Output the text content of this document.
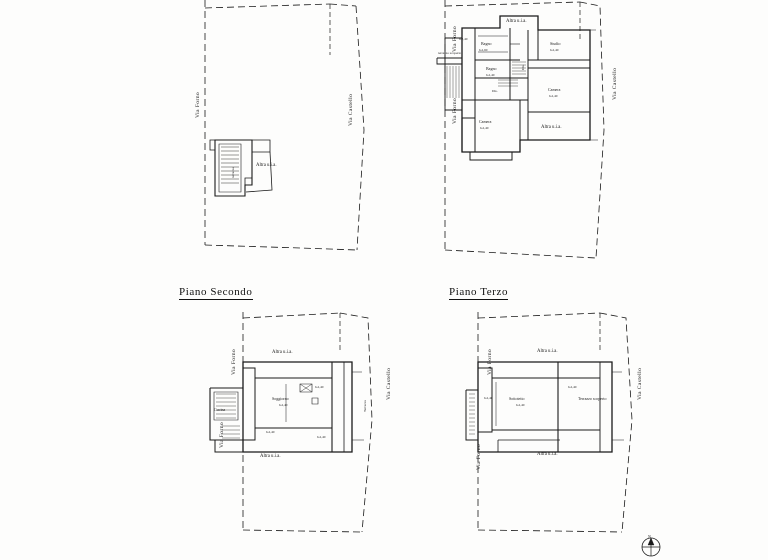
Piano Secondo	Piano Terzo
Via Forno	Via Castello
Altra u.i.a.
terrazza
Via Forno
Via Forno
Via Castello
Altra u.i.a.
Altra u.i.a.
Bagno
h.2,60
Studio
h.2,40
Bagno
h.2,40
Dis.
Dis.	Camera
h.2,40
Camera
h.2,40
terrazzo scoperto
h.2,40
Via Forno
Via Forno
Via Castello
Altra u.i.a.
Altra u.i.a.
Soggiorno
h.2,40
Cucina	Terrazzo
h.2,40
h.2,40
h.2,40
Via Forno
Via Forno
Via Castello
Altra u.i.a.
Altra u.i.a.
Sottotetto
h.2,40
Terrazzo scoperto
h.2,40
h.2,40
N
